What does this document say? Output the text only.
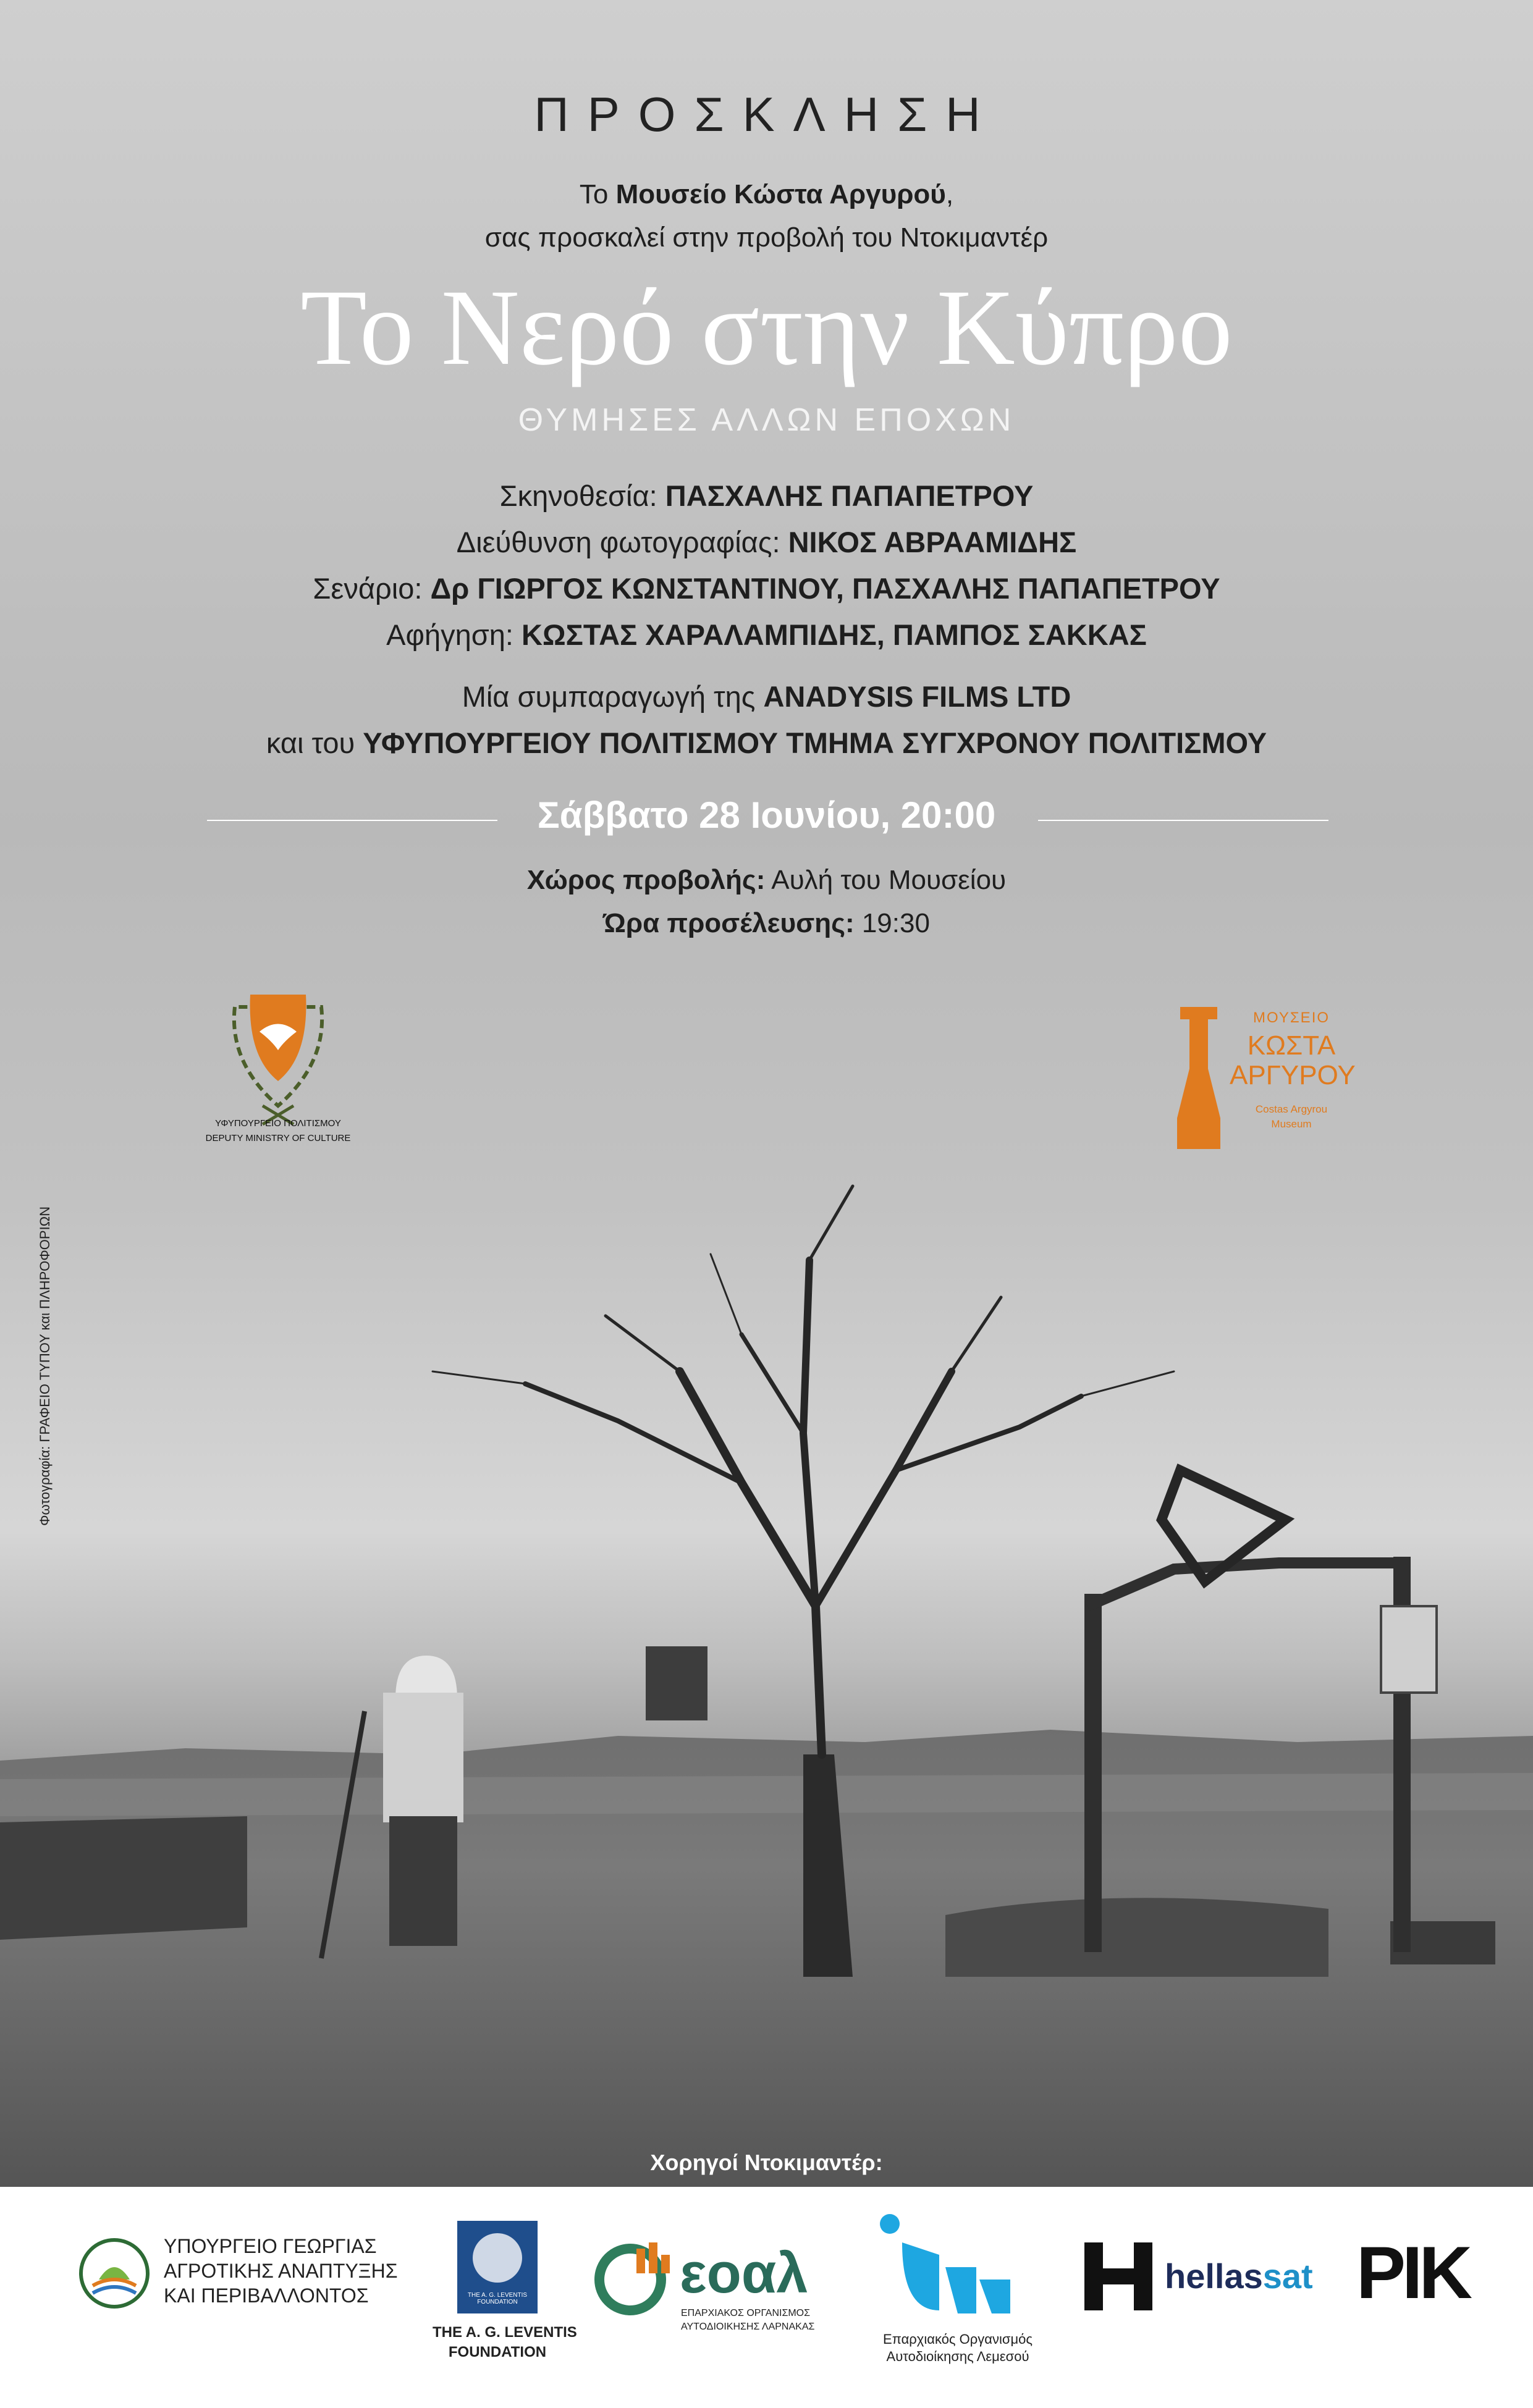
ΠΡΟΣΚΛΗΣΗ
Το Μουσείο Κώστα Αργυρού,
σας προσκαλεί στην προβολή του Ντοκιμαντέρ
Το Νερό στην Κύπρο
ΘΥΜΗΣΕΣ ΑΛΛΩΝ ΕΠΟΧΩΝ
Σκηνοθεσία: ΠΑΣΧΑΛΗΣ ΠΑΠΑΠΕΤΡΟΥ
Διεύθυνση φωτογραφίας: ΝΙΚΟΣ ΑΒΡΑΑΜΙΔΗΣ
Σενάριο: Δρ ΓΙΩΡΓΟΣ ΚΩΝΣΤΑΝΤΙΝΟΥ, ΠΑΣΧΑΛΗΣ ΠΑΠΑΠΕΤΡΟΥ
Αφήγηση: ΚΩΣΤΑΣ ΧΑΡΑΛΑΜΠΙΔΗΣ, ΠΑΜΠΟΣ ΣΑΚΚΑΣ
Μία συμπαραγωγή της ANADYSIS FILMS LTD
και του ΥΦΥΠΟΥΡΓΕΙΟΥ ΠΟΛΙΤΙΣΜΟΥ ΤΜΗΜΑ ΣΥΓΧΡΟΝΟΥ ΠΟΛΙΤΙΣΜΟΥ
Σάββατο 28 Ιουνίου, 20:00
Χώρος προβολής: Αυλή του Μουσείου
Ώρα προσέλευσης: 19:30
ΥΦΥΠΟΥΡΓΕΙΟ ΠΟΛΙΤΙΣΜΟΥ
DEPUTY MINISTRY OF CULTURE
ΜΟΥΣΕΙΟ
ΚΩΣΤΑ
ΑΡΓΥΡΟΥ
Costas Argyrou
Museum
Φωτογραφία: ΓΡΑΦΕΙΟ ΤΥΠΟΥ και ΠΛΗΡΟΦΟΡΙΩΝ
Χορηγοί Ντοκιμαντέρ:
ΥΠΟΥΡΓΕΙΟ ΓΕΩΡΓΙΑΣ
ΑΓΡΟΤΙΚΗΣ ΑΝΑΠΤΥΞΗΣ
ΚΑΙ ΠΕΡΙΒΑΛΛΟΝΤΟΣ	THE A. G. LEVENTIS FOUNDATION
THE A. G. LEVENTIS
FOUNDATION
εοαλ
ΕΠΑΡΧΙΑΚΟΣ ΟΡΓΑΝΙΣΜΟΣ
ΑΥΤΟΔΙΟΙΚΗΣΗΣ ΛΑΡΝΑΚΑΣ
Επαρχιακός Οργανισμός
Αυτοδιοίκησης Λεμεσού
hellassat ΡΙΚ
